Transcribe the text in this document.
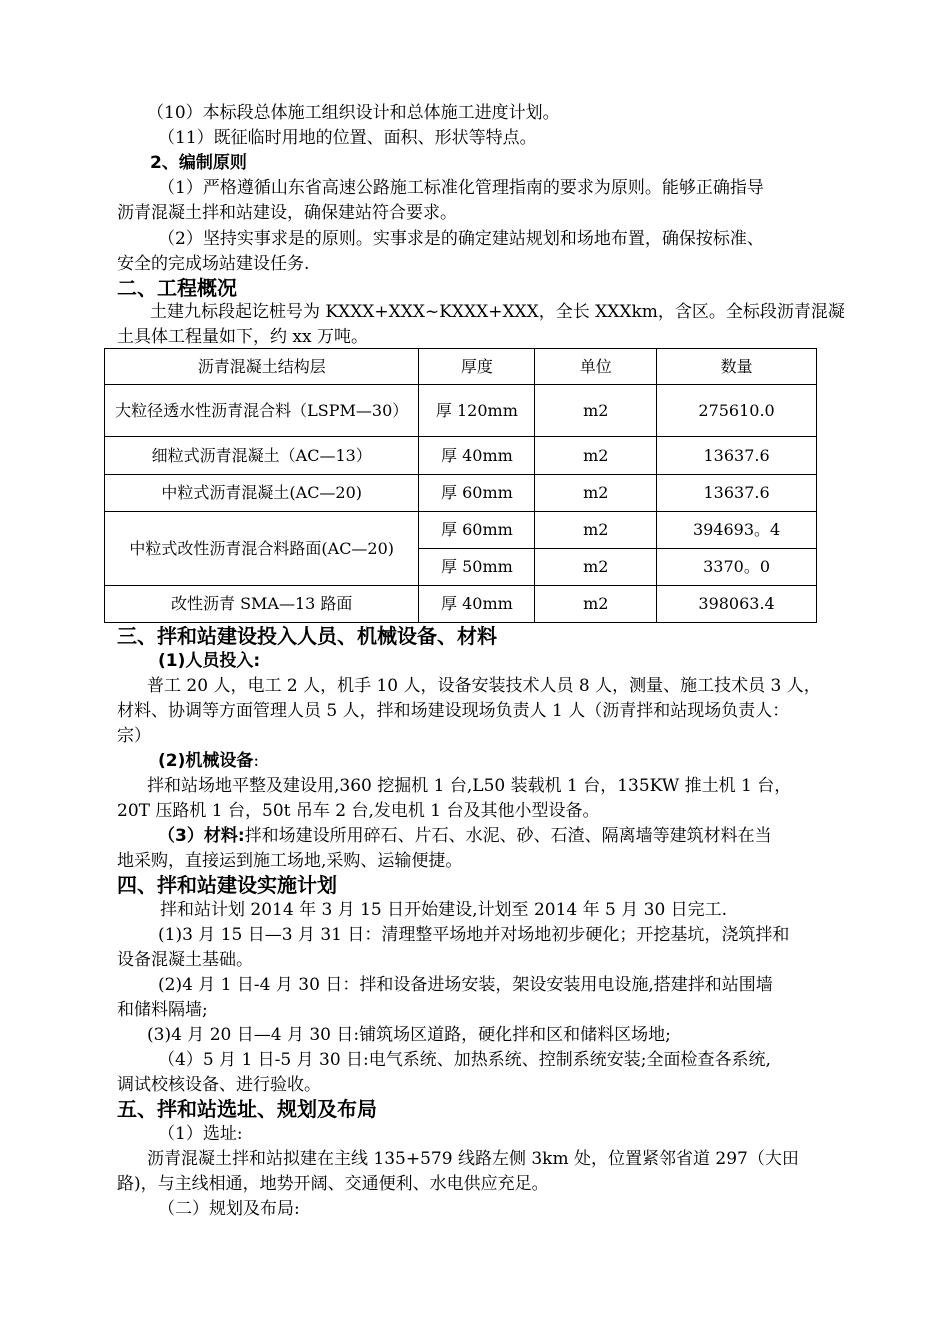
（10）本标段总体施工组织设计和总体施工进度计划。
（11）既征临时用地的位置、面积、形状等特点。
2、编制原则
（1）严格遵循山东省高速公路施工标准化管理指南的要求为原则。能够正确指导
沥青混凝土拌和站建设，确保建站符合要求。
（2）坚持实事求是的原则。实事求是的确定建站规划和场地布置，确保按标准、
安全的完成场站建设任务.
二、工程概况
土建九标段起讫桩号为 KXXX+XXX~KXXX+XXX，全长 XXXkm，含区。全标段沥青混凝
土具体工程量如下，约 xx 万吨。
沥青混凝土结构层	厚度	单位	数量
大粒径透水性沥青混合料（LSPM—30）	厚 120mm	m2	275610.0
细粒式沥青混凝土（AC—13）	厚 40mm	m2	13637.6
中粒式沥青混凝土(AC—20)	厚 60mm	m2	13637.6
中粒式改性沥青混合料路面(AC—20)	厚 60mm	m2	394693。4
	厚 50mm	m2	3370。0
改性沥青 SMA—13 路面	厚 40mm	m2	398063.4
三、拌和站建设投入人员、机械设备、材料
(1)人员投入:
普工 20 人，电工 2 人，机手 10 人，设备安装技术人员 8 人，测量、施工技术员 3 人，
材料、协调等方面管理人员 5 人，拌和场建设现场负责人 1 人（沥青拌和站现场负责人：
宗）
(2)机械设备:
拌和站场地平整及建设用,360 挖掘机 1 台,L50 装载机 1 台，135KW 推土机 1 台，
20T 压路机 1 台，50t 吊车 2 台,发电机 1 台及其他小型设备。
（3）材料:拌和场建设所用碎石、片石、水泥、砂、石渣、隔离墙等建筑材料在当
地采购，直接运到施工场地,采购、运输便捷。
四、拌和站建设实施计划
拌和站计划 2014 年 3 月 15 日开始建设,计划至 2014 年 5 月 30 日完工.
(1)3 月 15 日—3 月 31 日：清理整平场地并对场地初步硬化；开挖基坑，浇筑拌和
设备混凝土基础。
(2)4 月 1 日-4 月 30 日：拌和设备进场安装，架设安装用电设施,搭建拌和站围墙
和储料隔墙;
(3)4 月 20 日—4 月 30 日:铺筑场区道路，硬化拌和区和储料区场地;
（4）5 月 1 日-5 月 30 日:电气系统、加热系统、控制系统安装;全面检查各系统,
调试校核设备、进行验收。
五、拌和站选址、规划及布局
（1）选址:
沥青混凝土拌和站拟建在主线 135+579 线路左侧 3km 处，位置紧邻省道 297（大田
路)，与主线相通，地势开阔、交通便利、水电供应充足。
（二）规划及布局:
